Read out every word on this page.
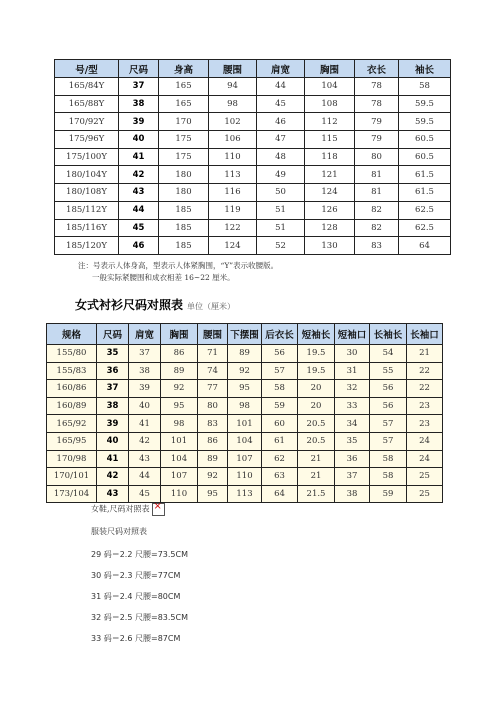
号/型	尺码	身高	腰围	肩宽	胸围	衣长	袖长
165/84Y	37	165	94	44	104	78	58
165/88Y	38	165	98	45	108	78	59.5
170/92Y	39	170	102	46	112	79	59.5
175/96Y	40	175	106	47	115	79	60.5
175/100Y	41	175	110	48	118	80	60.5
180/104Y	42	180	113	49	121	81	61.5
180/108Y	43	180	116	50	124	81	61.5
185/112Y	44	185	119	51	126	82	62.5
185/116Y	45	185	122	51	128	82	62.5
185/120Y	46	185	124	52	130	83	64
注：号表示人体身高，型表示人体紧胸围，“Y”表示收腰版。
一般实际紧腰围和成衣相差 16~22 厘米。
女式衬衫尺码对照表 单位（厘米）
规格	尺码	肩宽	胸围	腰围	下摆围	后衣长	短袖长	短袖口	长袖长	长袖口
155/80	35	37	86	71	89	56	19.5	30	54	21
155/83	36	38	89	74	92	57	19.5	31	55	22
160/86	37	39	92	77	95	58	20	32	56	22
160/89	38	40	95	80	98	59	20	33	56	23
165/92	39	41	98	83	101	60	20.5	34	57	23
165/95	40	42	101	86	104	61	20.5	35	57	24
170/98	41	43	104	89	107	62	21	36	58	24
170/101	42	44	107	92	110	63	21	37	58	25
173/104	43	45	110	95	113	64	21.5	38	59	25
女鞋,尺码对照表×
服装尺码对照表
29 码＝2.2 尺腰=73.5CM
30 码＝2.3 尺腰=77CM
31 码＝2.4 尺腰=80CM
32 码＝2.5 尺腰=83.5CM
33 码＝2.6 尺腰=87CM
